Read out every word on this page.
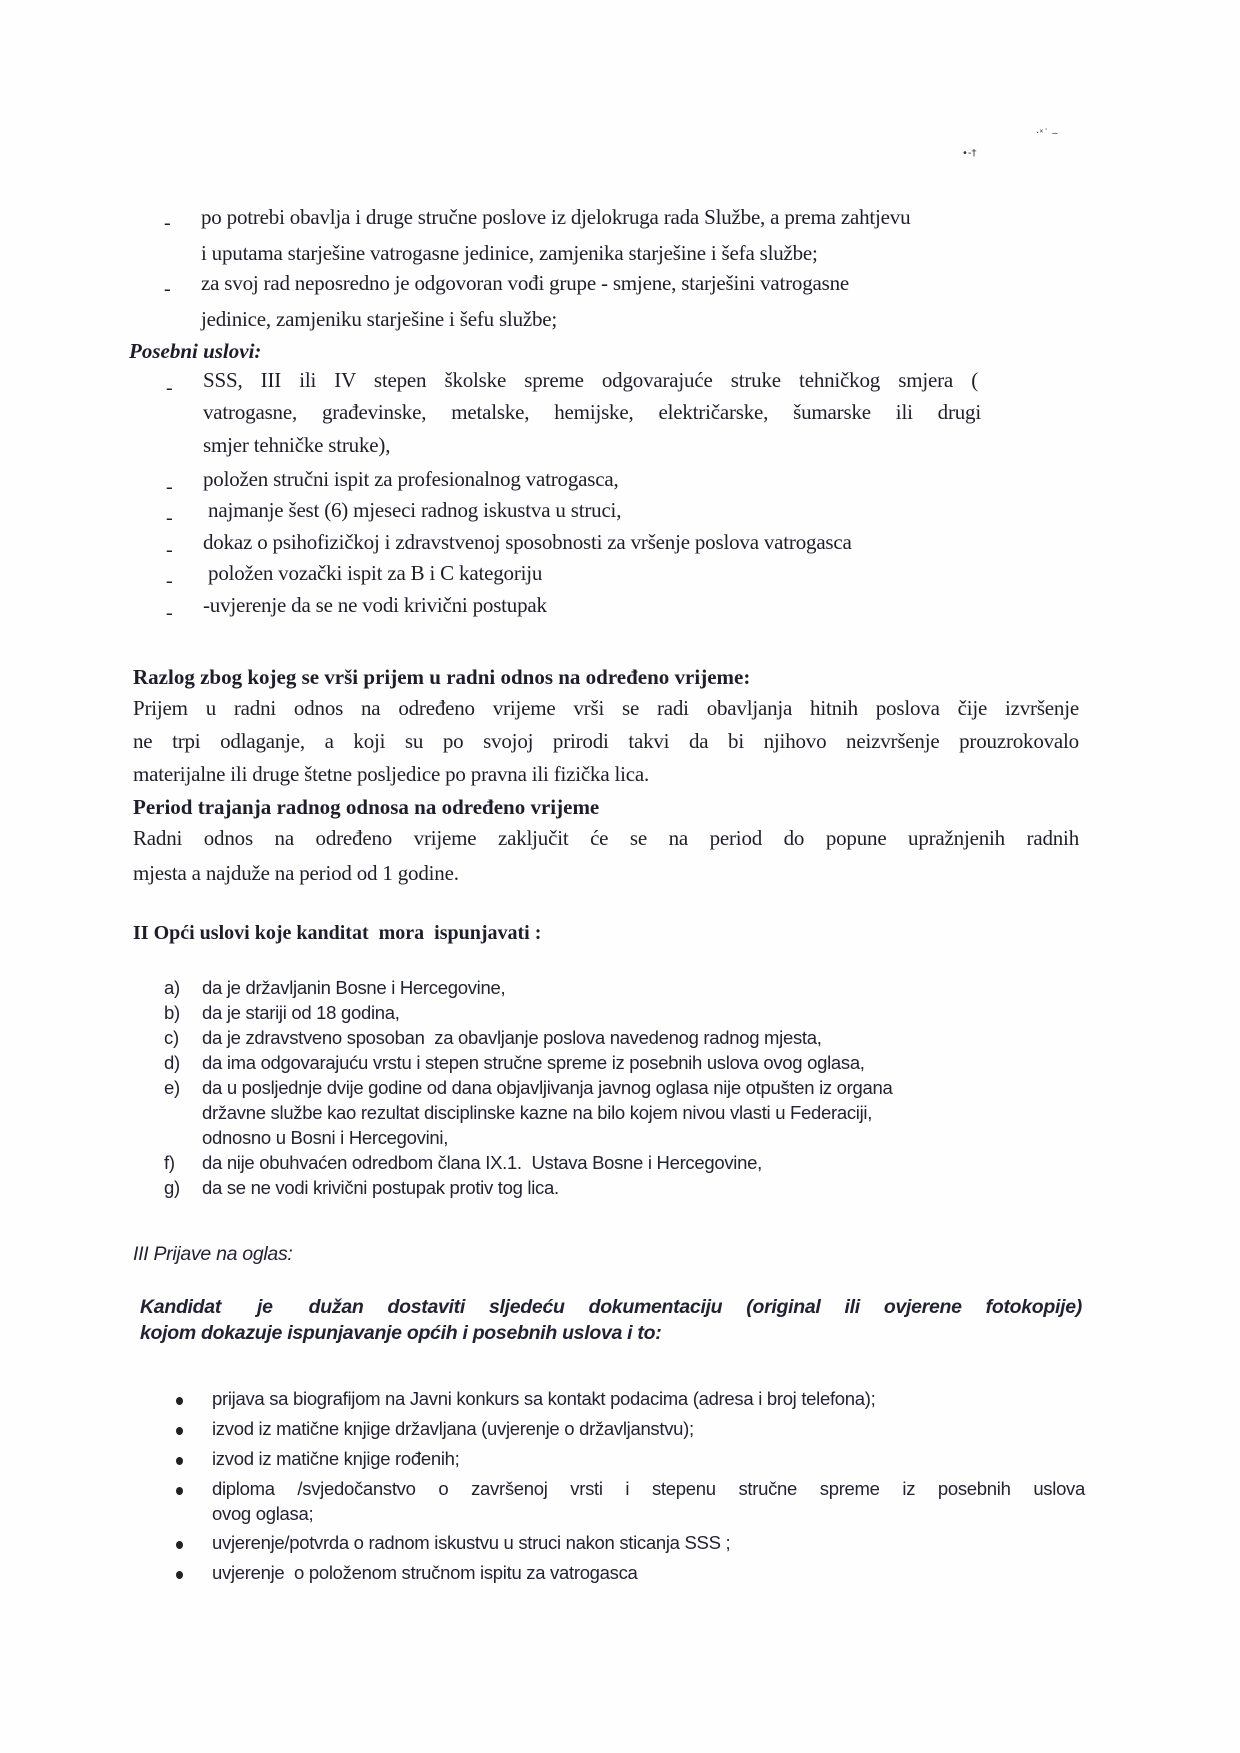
·ˣ˙ ‒
•‐†
- po potrebi obavlja i druge stručne poslove iz djelokruga rada Službe, a prema zahtjevu
i uputama starješine vatrogasne jedinice, zamjenika starješine i šefa službe;
- za svoj rad neposredno je odgovoran vođi grupe - smjene, starješini vatrogasne
jedinice, zamjeniku starješine i šefu službe;
Posebni uslovi:
- SSS, III ili IV stepen školske spreme odgovarajuće struke tehničkog smjera (
vatrogasne, građevinske, metalske, hemijske, električarske, šumarske ili drugi
smjer tehničke struke),
- položen stručni ispit za profesionalnog vatrogasca,
- najmanje šest (6) mjeseci radnog iskustva u struci,
- dokaz o psihofizičkoj i zdravstvenoj sposobnosti za vršenje poslova vatrogasca
- položen vozački ispit za B i C kategoriju
- -uvjerenje da se ne vodi krivični postupak
Razlog zbog kojeg se vrši prijem u radni odnos na određeno vrijeme:
Prijem u radni odnos na određeno vrijeme vrši se radi obavljanja hitnih poslova čije izvršenje
ne trpi odlaganje, a koji su po svojoj prirodi takvi da bi njihovo neizvršenje prouzrokovalo
materijalne ili druge štetne posljedice po pravna ili fizička lica.
Period trajanja radnog odnosa na određeno vrijeme
Radni odnos na određeno vrijeme zaključit će se na period do popune upražnjenih radnih
mjesta a najduže na period od 1 godine.
II Opći uslovi koje kanditat  mora  ispunjavati :
a) da je državljanin Bosne i Hercegovine,
b) da je stariji od 18 godina,
c) da je zdravstveno sposoban  za obavljanje poslova navedenog radnog mjesta,
d) da ima odgovarajuću vrstu i stepen stručne spreme iz posebnih uslova ovog oglasa,
e) da u posljednje dvije godine od dana objavljivanja javnog oglasa nije otpušten iz organa
državne službe kao rezultat disciplinske kazne na bilo kojem nivou vlasti u Federaciji,
odnosno u Bosni i Hercegovini,
f) da nije obuhvaćen odredbom člana IX.1.  Ustava Bosne i Hercegovine,
g) da se ne vodi krivični postupak protiv tog lica.
III Prijave na oglas:
Kandidat   je   dužan  dostaviti  sljedeću  dokumentaciju  (original  ili  ovjerene  fotokopije)
kojom dokazuje ispunjavanje općih i posebnih uslova i to:
prijava sa biografijom na Javni konkurs sa kontakt podacima (adresa i broj telefona);
izvod iz matične knjige državljana (uvjerenje o državljanstvu);
izvod iz matične knjige rođenih;
diploma /svjedočanstvo o završenoj vrsti i stepenu stručne spreme iz posebnih uslova
ovog oglasa;
uvjerenje/potvrda o radnom iskustvu u struci nakon sticanja SSS ;
uvjerenje  o položenom stručnom ispitu za vatrogasca
